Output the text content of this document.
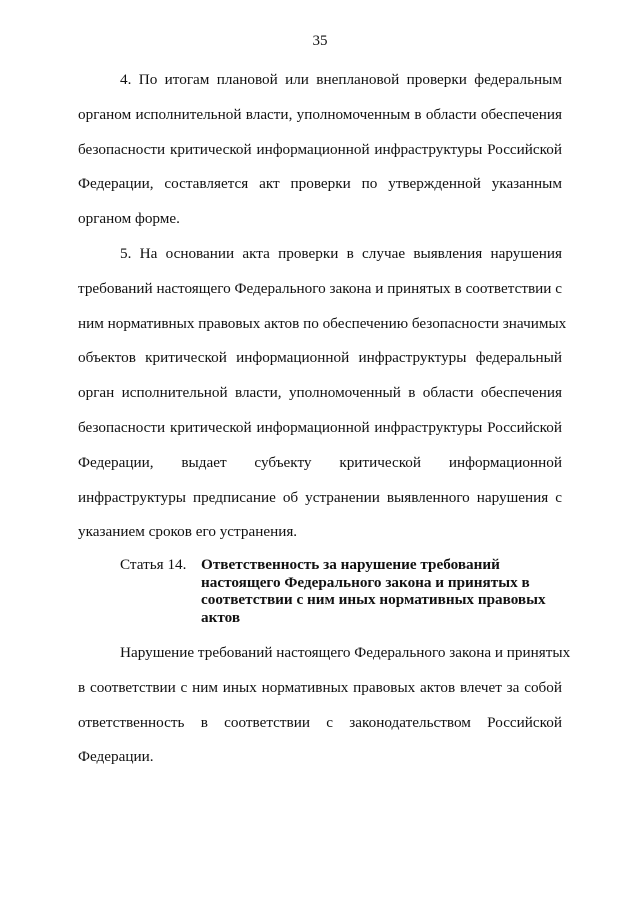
35
4. По итогам плановой или внеплановой проверки федеральным
органом исполнительной власти, уполномоченным в области обеспечения
безопасности критической информационной инфраструктуры Российской
Федерации, составляется акт проверки по утвержденной указанным
органом форме.
5. На основании акта проверки в случае выявления нарушения
требований настоящего Федерального закона и принятых в соответствии с
ним нормативных правовых актов по обеспечению безопасности значимых
объектов критической информационной инфраструктуры федеральный
орган исполнительной власти, уполномоченный в области обеспечения
безопасности критической информационной инфраструктуры Российской
Федерации, выдает субъекту критической информационной
инфраструктуры предписание об устранении выявленного нарушения с
указанием сроков его устранения.
Статья 14. Ответственность за нарушение требований
настоящего Федерального закона и принятых в
соответствии с ним иных нормативных правовых
актов
Нарушение требований настоящего Федерального закона и принятых
в соответствии с ним иных нормативных правовых актов влечет за собой
ответственность в соответствии с законодательством Российской
Федерации.
